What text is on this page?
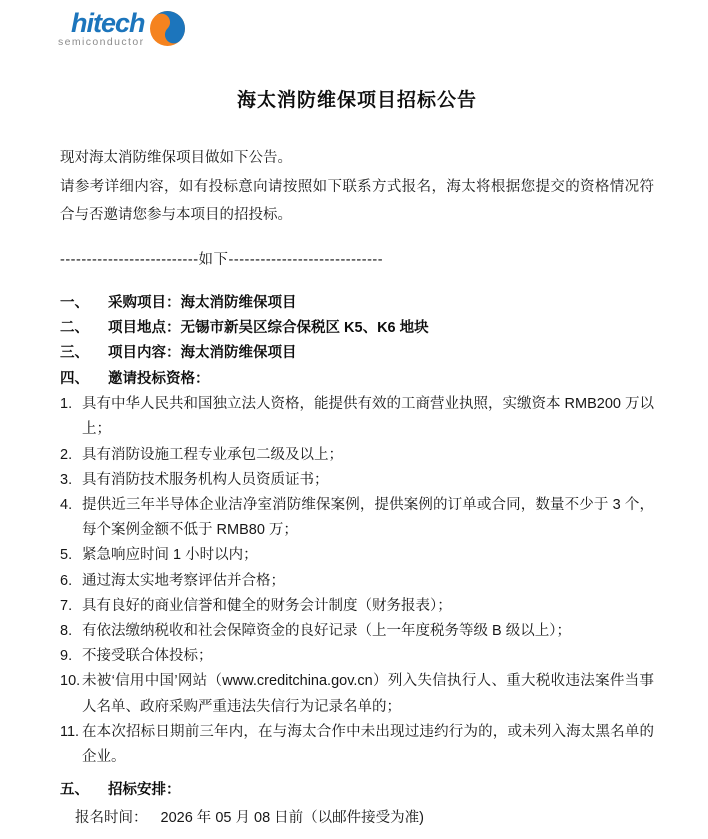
hitech
semiconductor
海太消防维保项目招标公告

现对海太消防维保项目做如下公告。

请参考详细内容，如有投标意向请按照如下联系方式报名，海太将根据您提交的资格情况符合与否邀请您参与本项目的招投标。

--------------------------如下-----------------------------
一、	采购项目：海太消防维保项目
二、	项目地点：无锡市新吴区综合保税区 K5、K6 地块
三、	项目内容：海太消防维保项目
四、	邀请投标资格：
1. 具有中华人民共和国独立法人资格，能提供有效的工商营业执照，实缴资本 RMB200 万以上；
2. 具有消防设施工程专业承包二级及以上；
3. 具有消防技术服务机构人员资质证书；
4. 提供近三年半导体企业洁净室消防维保案例，提供案例的订单或合同，数量不少于 3 个，每个案例金额不低于 RMB80 万；
5. 紧急响应时间 1 小时以内；
6. 通过海太实地考察评估并合格；
7. 具有良好的商业信誉和健全的财务会计制度（财务报表）；
8. 有依法缴纳税收和社会保障资金的良好记录（上一年度税务等级 B 级以上）；
9. 不接受联合体投标；
10. 未被‘信用中国’网站（www.creditchina.gov.cn）列入失信执行人、重大税收违法案件当事人名单、政府采购严重违法失信行为记录名单的；
11. 在本次招标日期前三年内，在与海太合作中未出现过违约行为的，或未列入海太黑名单的企业。
五、	招标安排：
报名时间： 2026 年 05 月 08 日前（以邮件接受为准)
